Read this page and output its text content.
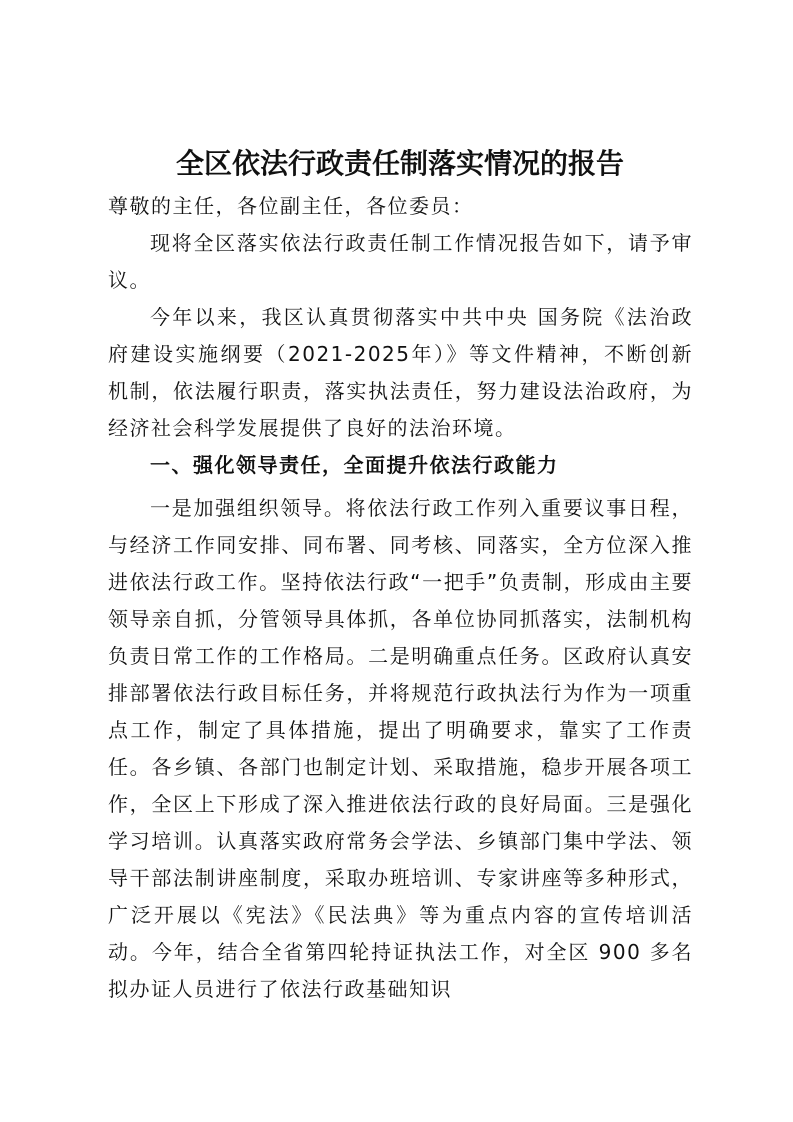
全区依法行政责任制落实情况的报告

尊敬的主任，各位副主任，各位委员：

现将全区落实依法行政责任制工作情况报告如下，请予审议。

今年以来，我区认真贯彻落实中共中央 国务院《法治政府建设实施纲要（2021-2025年）》等文件精神，不断创新机制，依法履行职责，落实执法责任，努力建设法治政府，为经济社会科学发展提供了良好的法治环境。

一、强化领导责任，全面提升依法行政能力

一是加强组织领导。将依法行政工作列入重要议事日程，与经济工作同安排、同布署、同考核、同落实，全方位深入推进依法行政工作。坚持依法行政“一把手”负责制，形成由主要领导亲自抓，分管领导具体抓，各单位协同抓落实，法制机构负责日常工作的工作格局。二是明确重点任务。区政府认真安排部署依法行政目标任务，并将规范行政执法行为作为一项重点工作，制定了具体措施，提出了明确要求，靠实了工作责任。各乡镇、各部门也制定计划、采取措施，稳步开展各项工作，全区上下形成了深入推进依法行政的良好局面。三是强化学习培训。认真落实政府常务会学法、乡镇部门集中学法、领导干部法制讲座制度，采取办班培训、专家讲座等多种形式，广泛开展以《宪法》《民法典》等为重点内容的宣传培训活动。今年，结合全省第四轮持证执法工作，对全区 900 多名拟办证人员进行了依法行政基础知识
